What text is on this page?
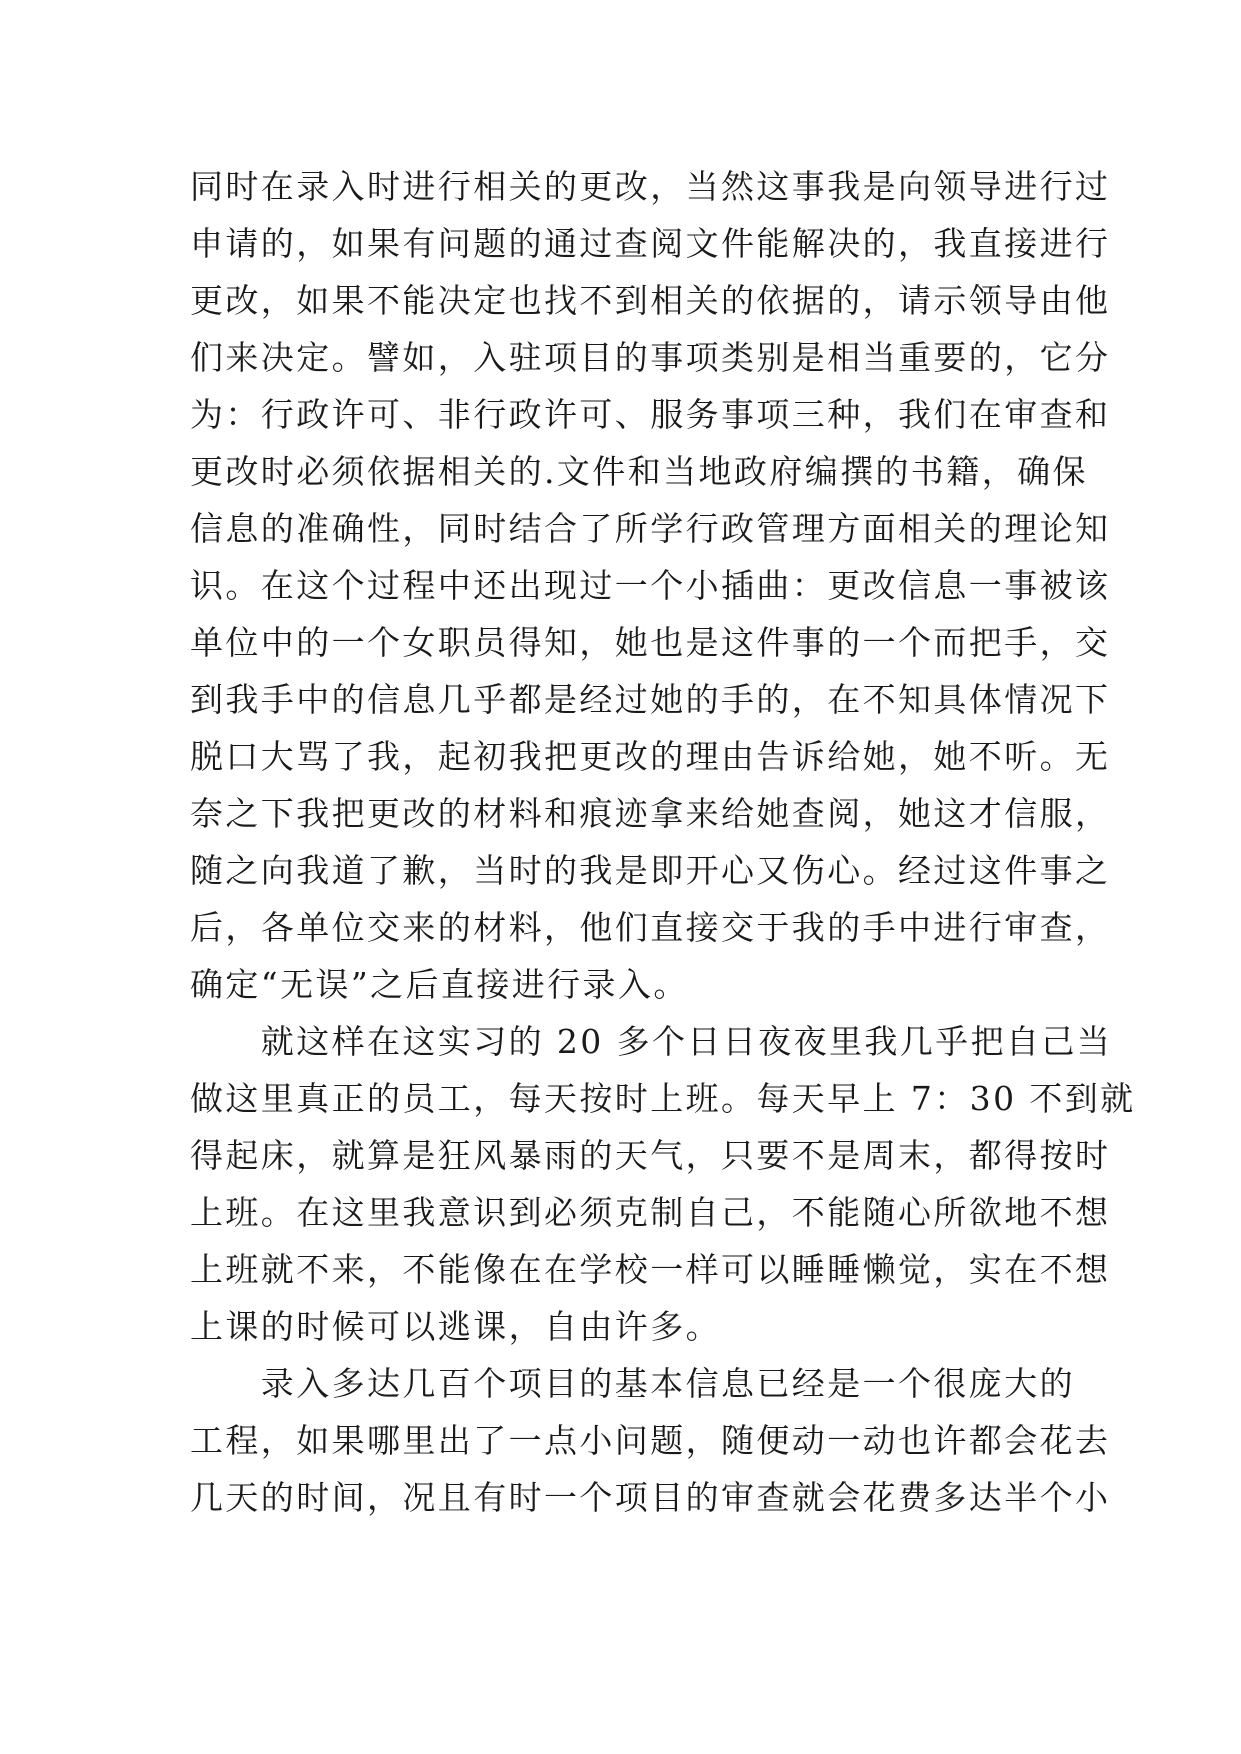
同时在录入时进行相关的更改，当然这事我是向领导进行过
申请的，如果有问题的通过查阅文件能解决的，我直接进行
更改，如果不能决定也找不到相关的依据的，请示领导由他
们来决定。譬如，入驻项目的事项类别是相当重要的，它分
为：行政许可、非行政许可、服务事项三种，我们在审查和
更改时必须依据相关的.文件和当地政府编撰的书籍，确保
信息的准确性，同时结合了所学行政管理方面相关的理论知
识。在这个过程中还出现过一个小插曲：更改信息一事被该
单位中的一个女职员得知，她也是这件事的一个而把手，交
到我手中的信息几乎都是经过她的手的，在不知具体情况下
脱口大骂了我，起初我把更改的理由告诉给她，她不听。无
奈之下我把更改的材料和痕迹拿来给她查阅，她这才信服，
随之向我道了歉，当时的我是即开心又伤心。经过这件事之
后，各单位交来的材料，他们直接交于我的手中进行审查，
确定“无误”之后直接进行录入。
　　就这样在这实习的 20 多个日日夜夜里我几乎把自己当
做这里真正的员工，每天按时上班。每天早上 7：30 不到就
得起床，就算是狂风暴雨的天气，只要不是周末，都得按时
上班。在这里我意识到必须克制自己，不能随心所欲地不想
上班就不来，不能像在在学校一样可以睡睡懒觉，实在不想
上课的时候可以逃课，自由许多。
　　录入多达几百个项目的基本信息已经是一个很庞大的
工程，如果哪里出了一点小问题，随便动一动也许都会花去
几天的时间，况且有时一个项目的审查就会花费多达半个小
